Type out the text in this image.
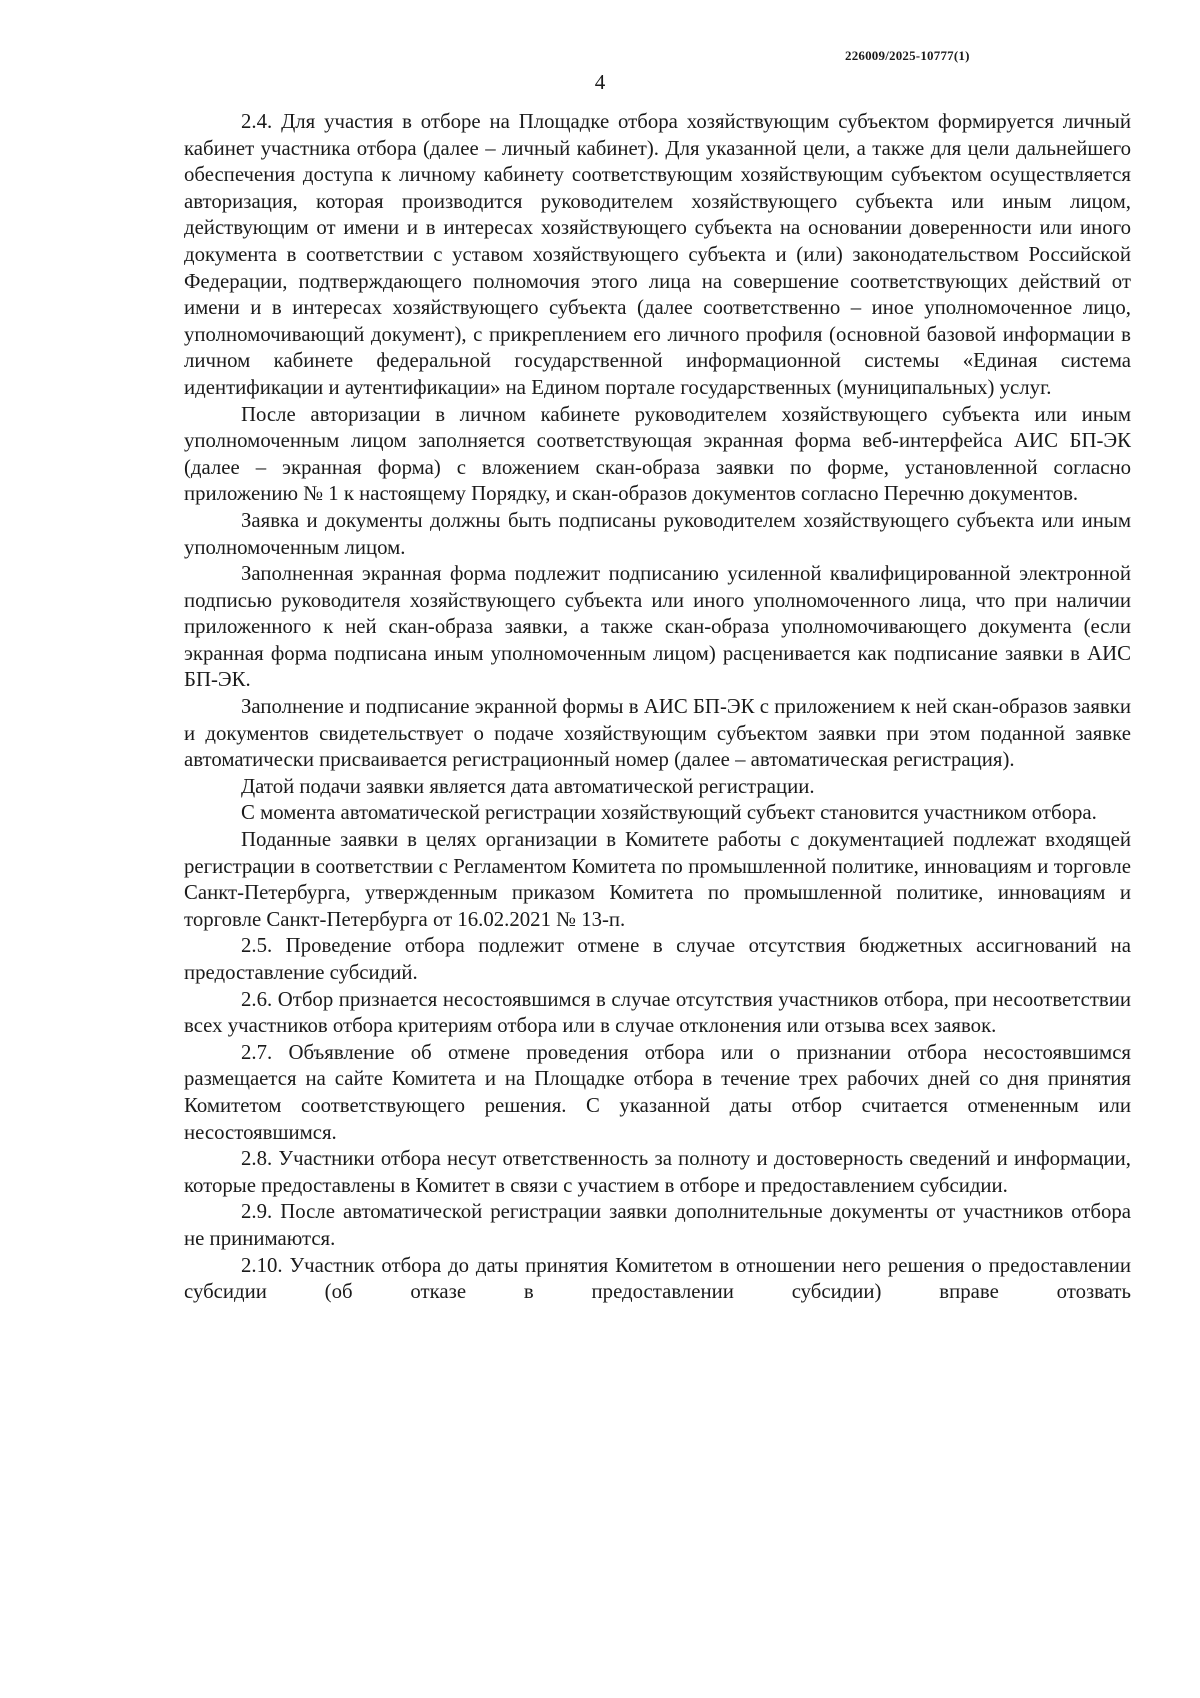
226009/2025-10777(1)
4

2.4. Для участия в отборе на Площадке отбора хозяйствующим субъектом формируется личный кабинет участника отбора (далее – личный кабинет). Для указанной цели, а также для цели дальнейшего обеспечения доступа к личному кабинету соответствующим хозяйствующим субъектом осуществляется авторизация, которая производится руководителем хозяйствующего субъекта или иным лицом, действующим от имени и в интересах хозяйствующего субъекта на основании доверенности или иного документа в соответствии с уставом хозяйствующего субъекта и (или) законодательством Российской Федерации, подтверждающего полномочия этого лица на совершение соответствующих действий от имени и в интересах хозяйствующего субъекта (далее соответственно – иное уполномоченное лицо, уполномочивающий документ), с прикреплением его личного профиля (основной базовой информации в личном кабинете федеральной государственной информационной системы «Единая система идентификации и аутентификации» на Едином портале государственных (муниципальных) услуг.

После авторизации в личном кабинете руководителем хозяйствующего субъекта или иным уполномоченным лицом заполняется соответствующая экранная форма веб-интерфейса АИС БП-ЭК (далее – экранная форма) с вложением скан-образа заявки по форме, установленной согласно приложению № 1 к настоящему Порядку, и скан-образов документов согласно Перечню документов.

Заявка и документы должны быть подписаны руководителем хозяйствующего субъекта или иным уполномоченным лицом.

Заполненная экранная форма подлежит подписанию усиленной квалифицированной электронной подписью руководителя хозяйствующего субъекта или иного уполномоченного лица, что при наличии приложенного к ней скан-образа заявки, а также скан-образа уполномочивающего документа (если экранная форма подписана иным уполномоченным лицом) расценивается как подписание заявки в АИС БП-ЭК.

Заполнение и подписание экранной формы в АИС БП-ЭК с приложением к ней скан-образов заявки и документов свидетельствует о подаче хозяйствующим субъектом заявки при этом поданной заявке автоматически присваивается регистрационный номер (далее – автоматическая регистрация).

Датой подачи заявки является дата автоматической регистрации.

С момента автоматической регистрации хозяйствующий субъект становится участником отбора.

Поданные заявки в целях организации в Комитете работы с документацией подлежат входящей регистрации в соответствии с Регламентом Комитета по промышленной политике, инновациям и торговле Санкт-Петербурга, утвержденным приказом Комитета по промышленной политике, инновациям и торговле Санкт-Петербурга от 16.02.2021 № 13-п.

2.5. Проведение отбора подлежит отмене в случае отсутствия бюджетных ассигнований на предоставление субсидий.

2.6. Отбор признается несостоявшимся в случае отсутствия участников отбора, при несоответствии всех участников отбора критериям отбора или в случае отклонения или отзыва всех заявок.

2.7. Объявление об отмене проведения отбора или о признании отбора несостоявшимся размещается на сайте Комитета и на Площадке отбора в течение трех рабочих дней со дня принятия Комитетом соответствующего решения. С указанной даты отбор считается отмененным или несостоявшимся.

2.8. Участники отбора несут ответственность за полноту и достоверность сведений и информации, которые предоставлены в Комитет в связи с участием в отборе и предоставлением субсидии.

2.9. После автоматической регистрации заявки дополнительные документы от участников отбора не принимаются.

2.10. Участник отбора до даты принятия Комитетом в отношении него решения о предоставлении субсидии (об отказе в предоставлении субсидии) вправе отозвать
